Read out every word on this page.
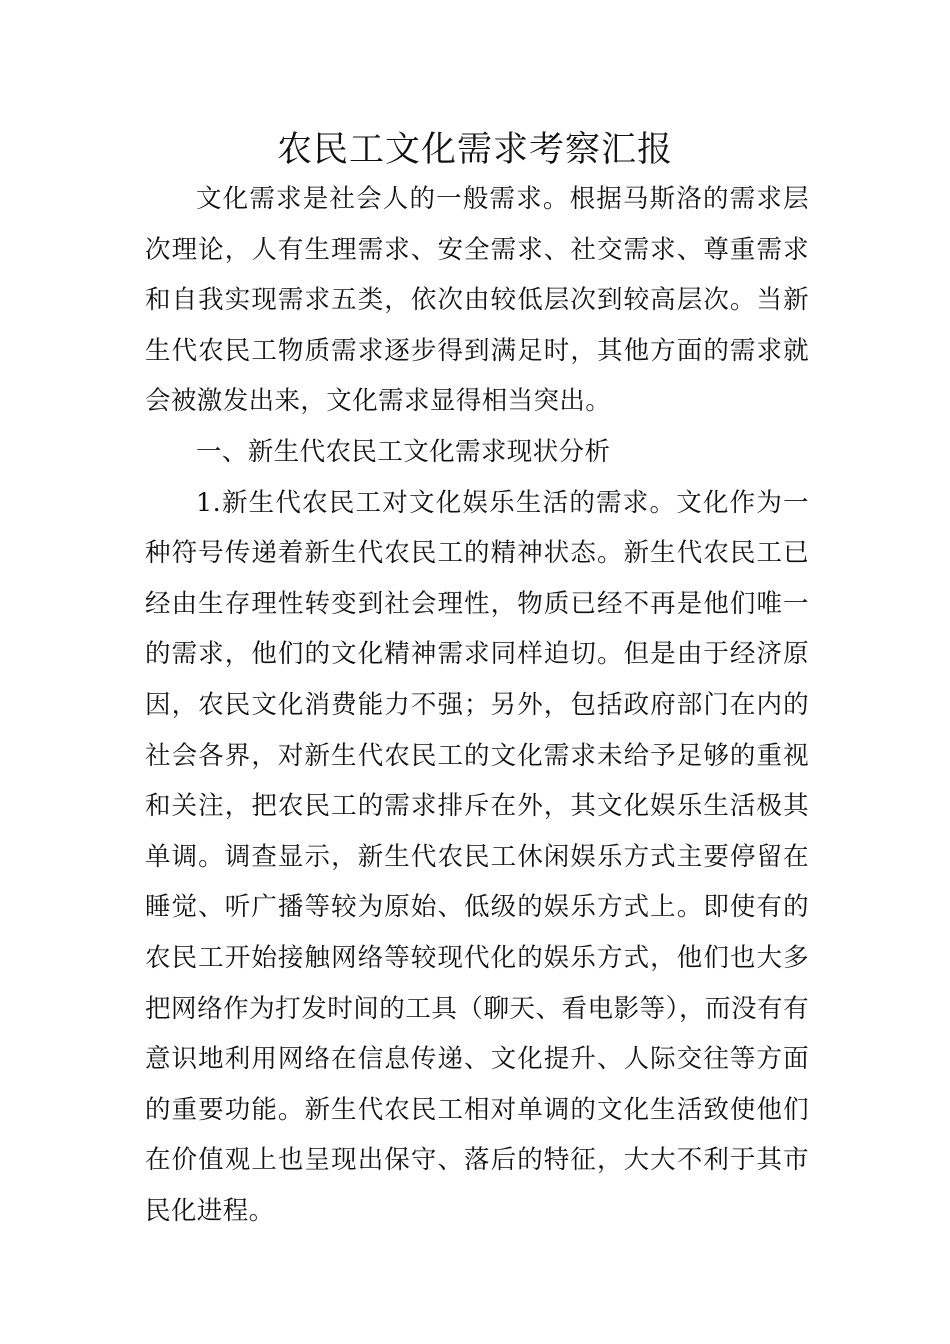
农民工文化需求考察汇报

文化需求是社会人的一般需求。根据马斯洛的需求层次理论，人有生理需求、安全需求、社交需求、尊重需求和自我实现需求五类，依次由较低层次到较高层次。当新生代农民工物质需求逐步得到满足时，其他方面的需求就会被激发出来，文化需求显得相当突出。

一、新生代农民工文化需求现状分析

1.新生代农民工对文化娱乐生活的需求。文化作为一种符号传递着新生代农民工的精神状态。新生代农民工已经由生存理性转变到社会理性，物质已经不再是他们唯一的需求，他们的文化精神需求同样迫切。但是由于经济原因，农民文化消费能力不强；另外，包括政府部门在内的社会各界，对新生代农民工的文化需求未给予足够的重视和关注，把农民工的需求排斥在外，其文化娱乐生活极其单调。调查显示，新生代农民工休闲娱乐方式主要停留在睡觉、听广播等较为原始、低级的娱乐方式上。即使有的农民工开始接触网络等较现代化的娱乐方式，他们也大多把网络作为打发时间的工具（聊天、看电影等），而没有有意识地利用网络在信息传递、文化提升、人际交往等方面的重要功能。新生代农民工相对单调的文化生活致使他们在价值观上也呈现出保守、落后的特征，大大不利于其市民化进程。
